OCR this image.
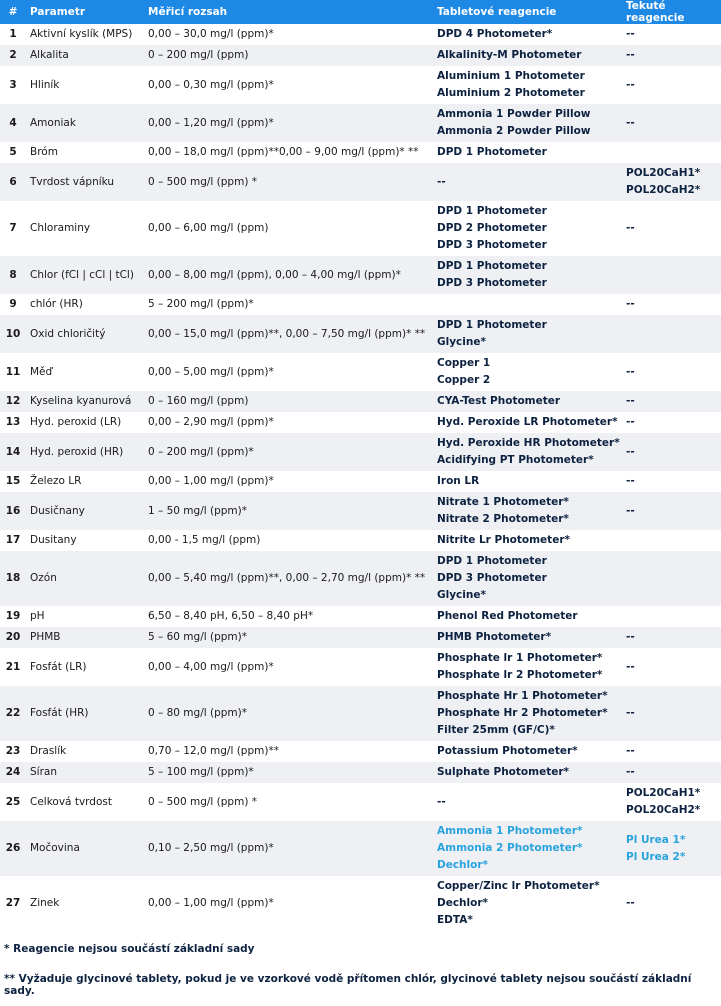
#	Parametr	Měřicí rozsah	Tabletové reagencie	Tekuté reagencie
1	Aktivní kyslík (MPS)	0,00 – 30,0 mg/l (ppm)*	DPD 4 Photometer*	--

2	Alkalita	0 – 200 mg/l (ppm)	Alkalinity-M Photometer	--

3	Hliník	0,00 – 0,30 mg/l (ppm)*	Aluminium 1 Photometer
Aluminium 2 Photometer	--

4	Amoniak	0,00 – 1,20 mg/l (ppm)*	Ammonia 1 Powder Pillow
Ammonia 2 Powder Pillow	--

5	Bróm	0,00 – 18,0 mg/l (ppm)**0,00 – 9,00 mg/l (ppm)* **	DPD 1 Photometer	

6	Tvrdost vápníku	0 – 500 mg/l (ppm) *	--	POL20CaH1*
POL20CaH2*

7	Chloraminy	0,00 – 6,00 mg/l (ppm)	DPD 1 Photometer
DPD 2 Photometer
DPD 3 Photometer	--

8	Chlor (fCl | cCl | tCl)	0,00 – 8,00 mg/l (ppm), 0,00 – 4,00 mg/l (ppm)*	DPD 1 Photometer
DPD 3 Photometer	

9	chlór (HR)	5 – 200 mg/l (ppm)*		--

10	Oxid chloričitý	0,00 – 15,0 mg/l (ppm)**, 0,00 – 7,50 mg/l (ppm)* **	DPD 1 Photometer
Glycine*	

11	Měď	0,00 – 5,00 mg/l (ppm)*	Copper 1
Copper 2	--

12	Kyselina kyanurová	0 – 160 mg/l (ppm)	CYA-Test Photometer	--

13	Hyd. peroxid (LR)	0,00 – 2,90 mg/l (ppm)*	Hyd. Peroxide LR Photometer*	--

14	Hyd. peroxid (HR)	0 – 200 mg/l (ppm)*	Hyd. Peroxide HR Photometer*
Acidifying PT Photometer*	--

15	Železo LR	0,00 – 1,00 mg/l (ppm)*	Iron LR	--

16	Dusičnany	1 – 50 mg/l (ppm)*	Nitrate 1 Photometer*
Nitrate 2 Photometer*	--

17	Dusitany	0,00 - 1,5 mg/l (ppm)	Nitrite Lr Photometer*	

18	Ozón	0,00 – 5,40 mg/l (ppm)**, 0,00 – 2,70 mg/l (ppm)* **	DPD 1 Photometer
DPD 3 Photometer
Glycine*	

19	pH	6,50 – 8,40 pH, 6,50 – 8,40 pH*	Phenol Red Photometer	

20	PHMB	5 – 60 mg/l (ppm)*	PHMB Photometer*	--

21	Fosfát (LR)	0,00 – 4,00 mg/l (ppm)*	Phosphate lr 1 Photometer*
Phosphate lr 2 Photometer*	--

22	Fosfát (HR)	0 – 80 mg/l (ppm)*	Phosphate Hr 1 Photometer*
Phosphate Hr 2 Photometer*
Filter 25mm (GF/C)*	--

23	Draslík	0,70 – 12,0 mg/l (ppm)**	Potassium Photometer*	--

24	Síran	5 – 100 mg/l (ppm)*	Sulphate Photometer*	--

25	Celková tvrdost	0 – 500 mg/l (ppm) *	--	POL20CaH1*
POL20CaH2*

26	Močovina	0,10 – 2,50 mg/l (ppm)*	Ammonia 1 Photometer*
Ammonia 2 Photometer*
Dechlor*	Pl Urea 1*
Pl Urea 2*

27	Zinek	0,00 – 1,00 mg/l (ppm)*	Copper/Zinc lr Photometer*
Dechlor*
EDTA*	--
* Reagencie nejsou součástí základní sady
** Vyžaduje glycinové tablety, pokud je ve vzorkové vodě přítomen chlór, glycinové tablety nejsou součástí základní sady.
